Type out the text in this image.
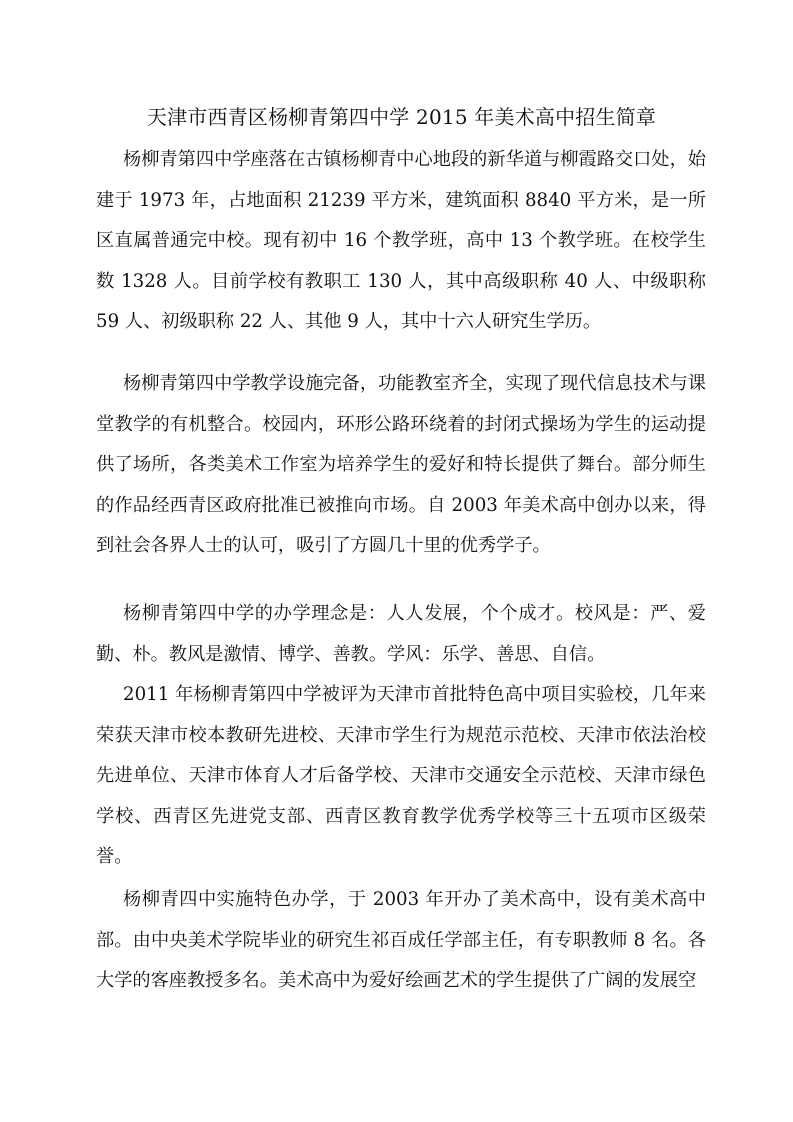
天津市西青区杨柳青第四中学 2015 年美术高中招生简章
杨柳青第四中学座落在古镇杨柳青中心地段的新华道与柳霞路交口处，始建于 1973 年，占地面积 21239 平方米，建筑面积 8840 平方米，是一所区直属普通完中校。现有初中 16 个教学班，高中 13 个教学班。在校学生数 1328 人。目前学校有教职工 130 人，其中高级职称 40 人、中级职称 59 人、初级职称 22 人、其他 9 人，其中十六人研究生学历。
杨柳青第四中学教学设施完备，功能教室齐全，实现了现代信息技术与课堂教学的有机整合。校园内，环形公路环绕着的封闭式操场为学生的运动提供了场所，各类美术工作室为培养学生的爱好和特长提供了舞台。部分师生的作品经西青区政府批准已被推向市场。自 2003 年美术高中创办以来，得到社会各界人士的认可，吸引了方圆几十里的优秀学子。
杨柳青第四中学的办学理念是：人人发展，个个成才。校风是：严、爱勤、朴。教风是激情、博学、善教。学风：乐学、善思、自信。
2011 年杨柳青第四中学被评为天津市首批特色高中项目实验校，几年来荣获天津市校本教研先进校、天津市学生行为规范示范校、天津市依法治校先进单位、天津市体育人才后备学校、天津市交通安全示范校、天津市绿色学校、西青区先进党支部、西青区教育教学优秀学校等三十五项市区级荣誉。
杨柳青四中实施特色办学，于 2003 年开办了美术高中，设有美术高中部。由中央美术学院毕业的研究生祁百成任学部主任，有专职教师 8 名。各大学的客座教授多名。美术高中为爱好绘画艺术的学生提供了广阔的发展空
